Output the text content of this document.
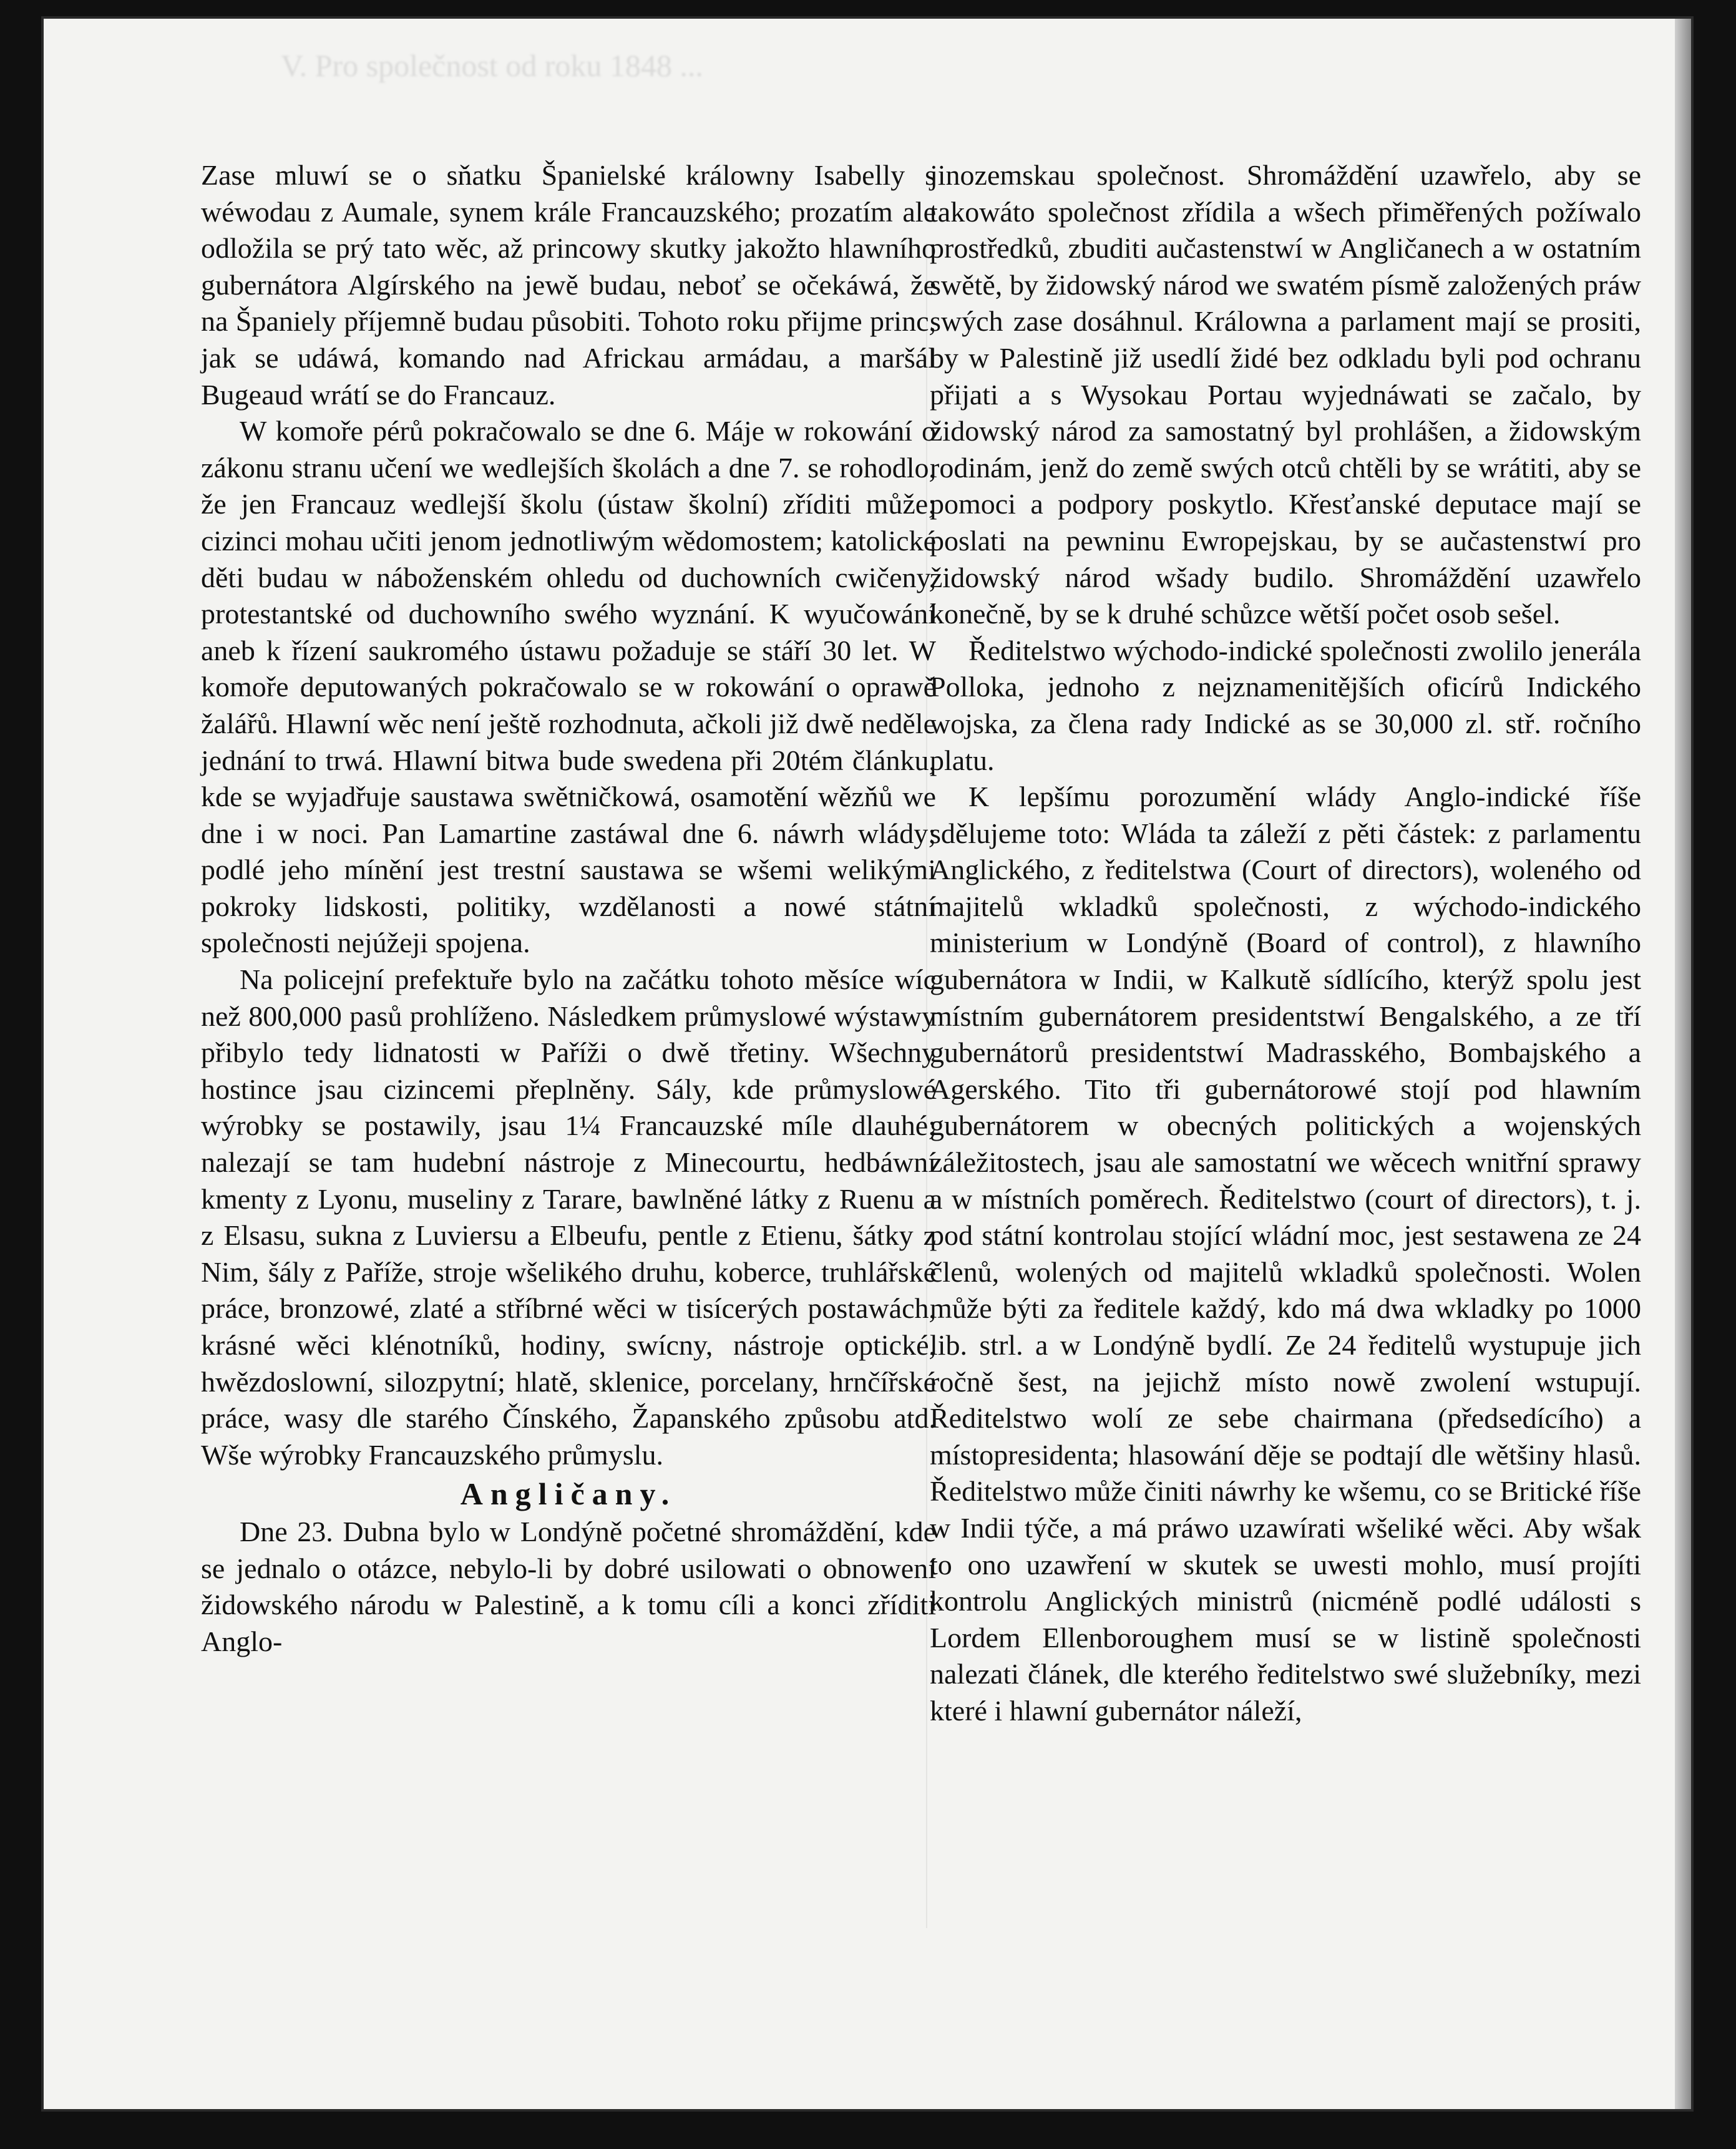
V. Pro společnost od roku 1848 ...

Zase mluwí se o sňatku Španielské králowny Isabelly s wéwodau z Aumale, synem krále Francauzského; prozatím ale odložila se prý tato wěc, až princowy skutky jakožto hlawního gubernátora Algírského na jewě budau, neboť se očekáwá, že na Španiely příjemně budau působiti. Tohoto roku přijme princ, jak se udáwá, komando nad Africkau armádau, a maršál Bugeaud wrátí se do Francauz.

W komoře pérů pokračowalo se dne 6. Máje w rokowání o zákonu stranu učení we wedlejších školách a dne 7. se rohodlo, že jen Francauz wedlejší školu (ústaw školní) zříditi může; cizinci mohau učiti jenom jednotliwým wědomostem; katolické děti budau w náboženském ohledu od duchowních cwičeny, protestantské od duchowního swého wyznání. K wyučowání aneb k řízení saukromého ústawu požaduje se stáří 30 let. W komoře deputowaných pokračowalo se w rokowání o oprawě žalářů. Hlawní wěc není ještě rozhodnuta, ačkoli již dwě neděle jednání to trwá. Hlawní bitwa bude swedena při 20tém článku, kde se wyjadřuje saustawa swětničkowá, osamotění wězňů we dne i w noci. Pan Lamartine zastáwal dne 6. náwrh wlády; podlé jeho mínění jest trestní saustawa se wšemi welikými pokroky lidskosti, politiky, wzdělanosti a nowé státní společnosti nejúžeji spojena.

Na policejní prefektuře bylo na začátku tohoto měsíce wíc než 800,000 pasů prohlíženo. Následkem průmyslowé wýstawy přibylo tedy lidnatosti w Paříži o dwě třetiny. Wšechny hostince jsau cizincemi přeplněny. Sály, kde průmyslowé wýrobky se postawily, jsau 1¼ Francauzské míle dlauhé; nalezají se tam hudební nástroje z Minecourtu, hedbáwní kmenty z Lyonu, museliny z Tarare, bawlněné látky z Ruenu a z Elsasu, sukna z Luviersu a Elbeufu, pentle z Etienu, šátky z Nim, šály z Paříže, stroje wšelikého druhu, koberce, truhlářské práce, bronzowé, zlaté a stříbrné wěci w tisícerých postawách, krásné wěci klénotníků, hodiny, swícny, nástroje optické, hwězdoslowní, silozpytní; hlatě, sklenice, porcelany, hrnčířské práce, wasy dle starého Čínského, Žapanského způsobu atd. Wše wýrobky Francauzského průmyslu.

Angličany.

Dne 23. Dubna bylo w Londýně početné shromáždění, kde se jednalo o otázce, nebylo-li by dobré usilowati o obnowení židowského národu w Palestině, a k tomu cíli a konci zříditi Anglo-

jinozemskau společnost. Shromáždění uzawřelo, aby se takowáto společnost zřídila a wšech přiměřených požíwalo prostředků, zbuditi aučastenstwí w Angličanech a w ostatním swětě, by židowský národ we swatém písmě založených práw swých zase dosáhnul. Králowna a parlament mají se prositi, by w Palestině již usedlí židé bez odkladu byli pod ochranu přijati a s Wysokau Portau wyjednáwati se začalo, by židowský národ za samostatný byl prohlášen, a židowským rodinám, jenž do země swých otců chtěli by se wrátiti, aby se pomoci a podpory poskytlo. Křesťanské deputace mají se poslati na pewninu Ewropejskau, by se aučastenstwí pro židowský národ wšady budilo. Shromáždění uzawřelo konečně, by se k druhé schůzce wětší počet osob sešel.

Ředitelstwo wýchodo-indické společnosti zwolilo jenerála Polloka, jednoho z nejznamenitějších oficírů Indického wojska, za člena rady Indické as se 30,000 zl. stř. ročního platu.

K lepšímu porozumění wlády Anglo-indické říše sdělujeme toto: Wláda ta záleží z pěti částek: z parlamentu Anglického, z ředitelstwa (Court of directors), woleného od majitelů wkladků společnosti, z wýchodo-indického ministerium w Londýně (Board of control), z hlawního gubernátora w Indii, w Kalkutě sídlícího, kterýž spolu jest místním gubernátorem presidentstwí Bengalského, a ze tří gubernátorů presidentstwí Madrasského, Bombajského a Agerského. Tito tři gubernátorowé stojí pod hlawním gubernátorem w obecných politických a wojenských záležitostech, jsau ale samostatní we wěcech wnitřní sprawy a w místních poměrech. Ředitelstwo (court of directors), t. j. pod státní kontrolau stojící wládní moc, jest sestawena ze 24 členů, wolených od majitelů wkladků společnosti. Wolen může býti za ředitele každý, kdo má dwa wkladky po 1000 lib. strl. a w Londýně bydlí. Ze 24 ředitelů wystupuje jich ročně šest, na jejichž místo nowě zwolení wstupují. Ředitelstwo wolí ze sebe chairmana (předsedícího) a místopresidenta; hlasowání děje se podtají dle wětšiny hlasů. Ředitelstwo může činiti náwrhy ke wšemu, co se Britické říše w Indii týče, a má práwo uzawírati wšeliké wěci. Aby wšak to ono uzawření w skutek se uwesti mohlo, musí projíti kontrolu Anglických ministrů (nicméně podlé události s Lordem Ellenboroughem musí se w listině společnosti nalezati článek, dle kterého ředitelstwo swé služebníky, mezi které i hlawní gubernátor náleží,
